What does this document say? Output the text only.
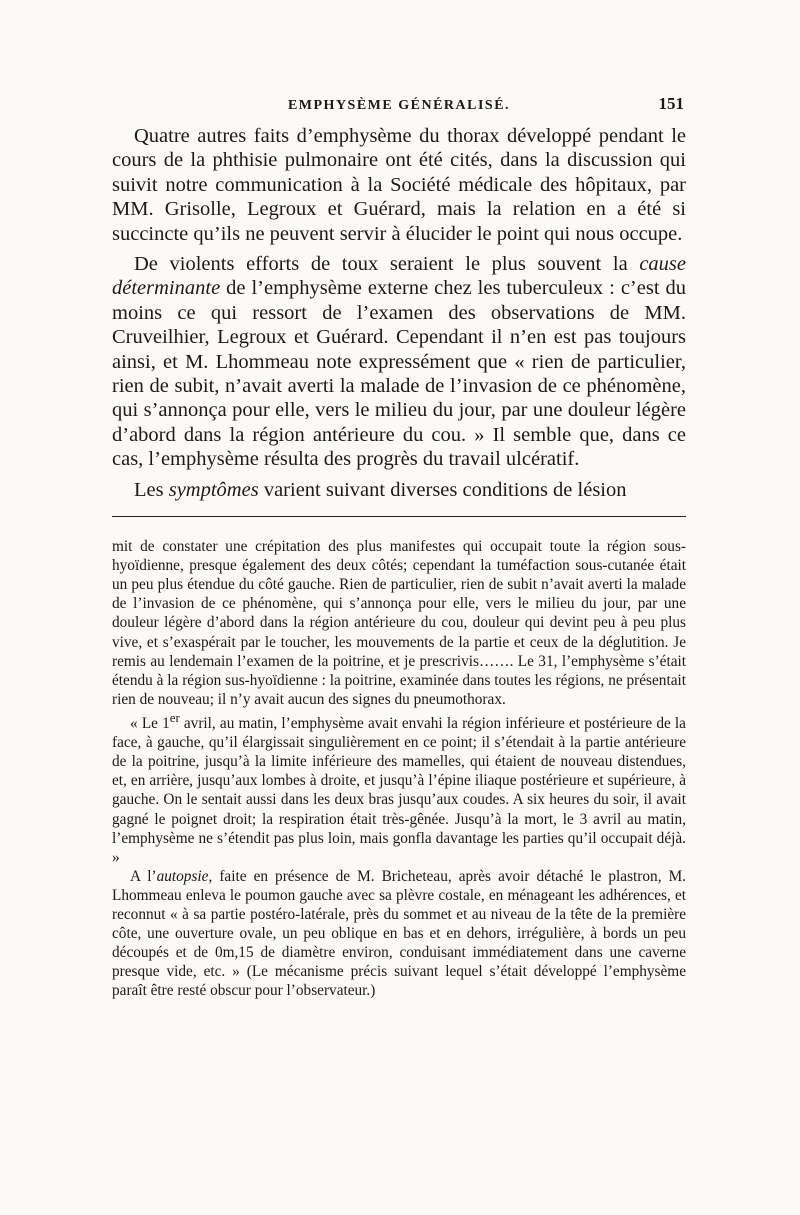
EMPHYSÈME GÉNÉRALISÉ.	151

Quatre autres faits d’emphysème du thorax développé pendant le cours de la phthisie pulmonaire ont été cités, dans la discussion qui suivit notre communication à la Société médicale des hôpitaux, par MM. Grisolle, Legroux et Guérard, mais la relation en a été si succincte qu’ils ne peuvent servir à élucider le point qui nous occupe.

De violents efforts de toux seraient le plus souvent la cause déterminante de l’emphysème externe chez les tuberculeux : c’est du moins ce qui ressort de l’examen des observations de MM. Cruveilhier, Legroux et Guérard. Cependant il n’en est pas toujours ainsi, et M. Lhommeau note expressément que « rien de particulier, rien de subit, n’avait averti la malade de l’invasion de ce phénomène, qui s’annonça pour elle, vers le milieu du jour, par une douleur légère d’abord dans la région antérieure du cou. » Il semble que, dans ce cas, l’emphysème résulta des progrès du travail ulcératif.

Les symptômes varient suivant diverses conditions de lésion

mit de constater une crépitation des plus manifestes qui occupait toute la région sous-hyoïdienne, presque également des deux côtés; cependant la tuméfaction sous-cutanée était un peu plus étendue du côté gauche. Rien de particulier, rien de subit n’avait averti la malade de l’invasion de ce phénomène, qui s’annonça pour elle, vers le milieu du jour, par une douleur légère d’abord dans la région antérieure du cou, douleur qui devint peu à peu plus vive, et s’exaspérait par le toucher, les mouvements de la partie et ceux de la déglutition. Je remis au lendemain l’examen de la poitrine, et je prescrivis……. Le 31, l’emphysème s’était étendu à la région sus-hyoïdienne : la poitrine, examinée dans toutes les régions, ne présentait rien de nouveau; il n’y avait aucun des signes du pneumothorax.

« Le 1er avril, au matin, l’emphysème avait envahi la région inférieure et postérieure de la face, à gauche, qu’il élargissait singulièrement en ce point; il s’étendait à la partie antérieure de la poitrine, jusqu’à la limite inférieure des mamelles, qui étaient de nouveau distendues, et, en arrière, jusqu’aux lombes à droite, et jusqu’à l’épine iliaque postérieure et supérieure, à gauche. On le sentait aussi dans les deux bras jusqu’aux coudes. A six heures du soir, il avait gagné le poignet droit; la respiration était très-gênée. Jusqu’à la mort, le 3 avril au matin, l’emphysème ne s’étendit pas plus loin, mais gonfla davantage les parties qu’il occupait déjà. »

A l’autopsie, faite en présence de M. Bricheteau, après avoir détaché le plastron, M. Lhommeau enleva le poumon gauche avec sa plèvre costale, en ménageant les adhérences, et reconnut « à sa partie postéro-latérale, près du sommet et au niveau de la tête de la première côte, une ouverture ovale, un peu oblique en bas et en dehors, irrégulière, à bords un peu découpés et de 0m,15 de diamètre environ, conduisant immédiatement dans une caverne presque vide, etc. » (Le mécanisme précis suivant lequel s’était développé l’emphysème paraît être resté obscur pour l’observateur.)
